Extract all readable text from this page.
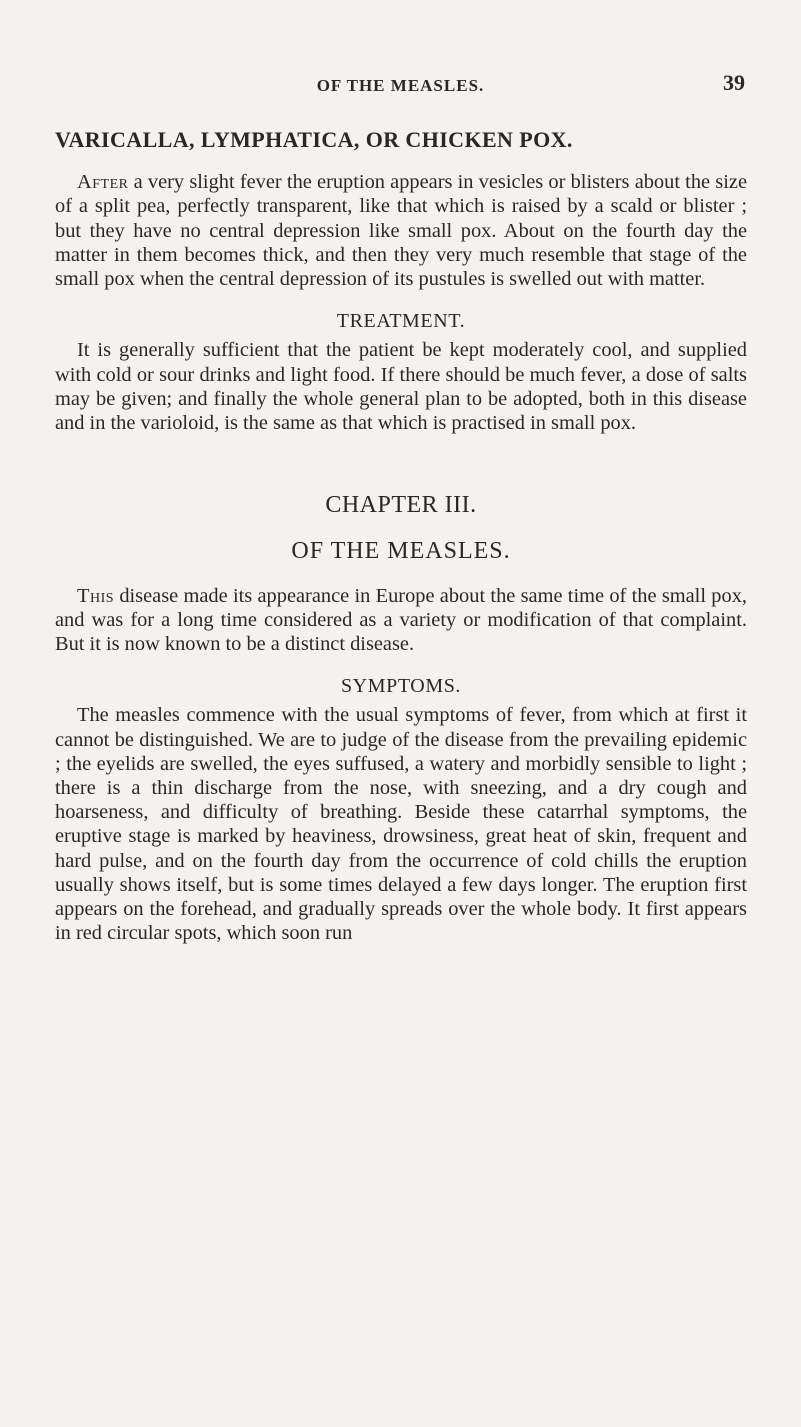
OF THE MEASLES.	39
VARICALLA, LYMPHATICA, OR CHICKEN POX.

After a very slight fever the eruption appears in vesicles or blisters about the size of a split pea, perfectly transparent, like that which is raised by a scald or blister ; but they have no central depression like small pox. About on the fourth day the matter in them becomes thick, and then they very much resemble that stage of the small pox when the central depression of its pustules is swelled out with matter.

TREATMENT.

It is generally sufficient that the patient be kept moderately cool, and supplied with cold or sour drinks and light food. If there should be much fever, a dose of salts may be given; and finally the whole general plan to be adopted, both in this disease and in the varioloid, is the same as that which is practised in small pox.

CHAPTER III.
OF THE MEASLES.

This disease made its appearance in Europe about the same time of the small pox, and was for a long time considered as a variety or modification of that complaint. But it is now known to be a distinct disease.

SYMPTOMS.

The measles commence with the usual symptoms of fever, from which at first it cannot be distinguished. We are to judge of the disease from the prevailing epidemic ; the eyelids are swelled, the eyes suffused, a watery and morbidly sensible to light ; there is a thin discharge from the nose, with sneezing, and a dry cough and hoarseness, and difficulty of breathing. Beside these catarrhal symptoms, the eruptive stage is marked by heaviness, drowsiness, great heat of skin, frequent and hard pulse, and on the fourth day from the occurrence of cold chills the eruption usually shows itself, but is some times delayed a few days longer. The eruption first appears on the forehead, and gradually spreads over the whole body. It first appears in red circular spots, which soon run
